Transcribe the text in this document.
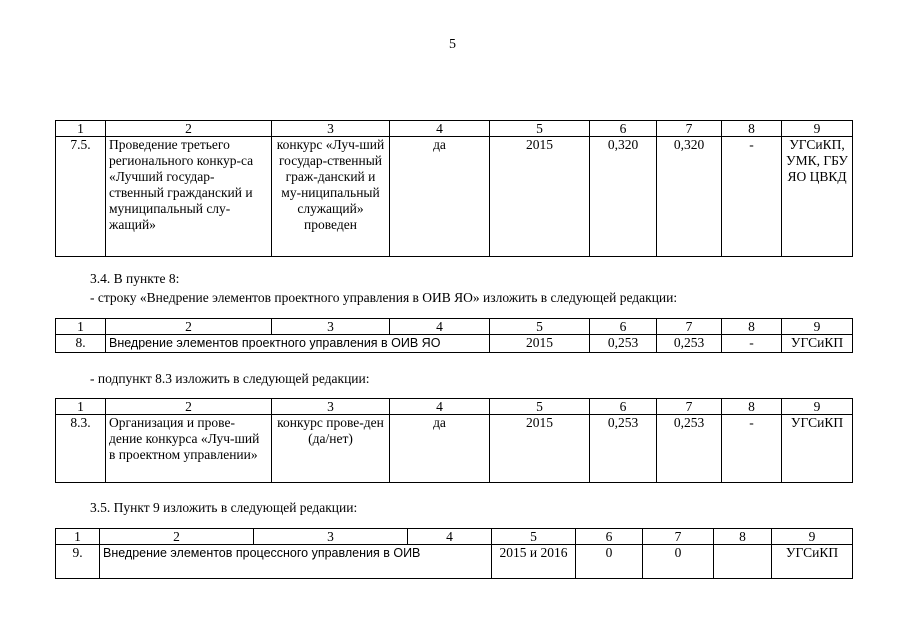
5
1	2	3	4	5	6	7	8	9
7.5.	Проведение третьего регионального конкур-са «Лучший государ-ственный гражданский и муниципальный слу-жащий»	конкурс «Луч-ший государ-ственный граж-данский и му-ниципальный служащий» проведен	да	2015	0,320	0,320	-	УГСиКП, УМК, ГБУ ЯО ЦВКД
3.4. В пункте 8:
- строку «Внедрение элементов проектного управления в ОИВ ЯО» изложить в следующей редакции:
1	2	3	4	5	6	7	8	9
8.	Внедрение элементов проектного управления в ОИВ ЯО			2015	0,253	0,253	-	УГСиКП
- подпункт 8.3 изложить в следующей редакции:
1	2	3	4	5	6	7	8	9
8.3.	Организация и прове-дение конкурса «Луч-ший в проектном управлении»	конкурс прове-ден (да/нет)	да	2015	0,253	0,253	-	УГСиКП
3.5. Пункт 9 изложить в следующей редакции:
1	2	3	4	5	6	7	8	9
9.	Внедрение элементов процессного управления в ОИВ			2015 и 2016	0	0		УГСиКП
